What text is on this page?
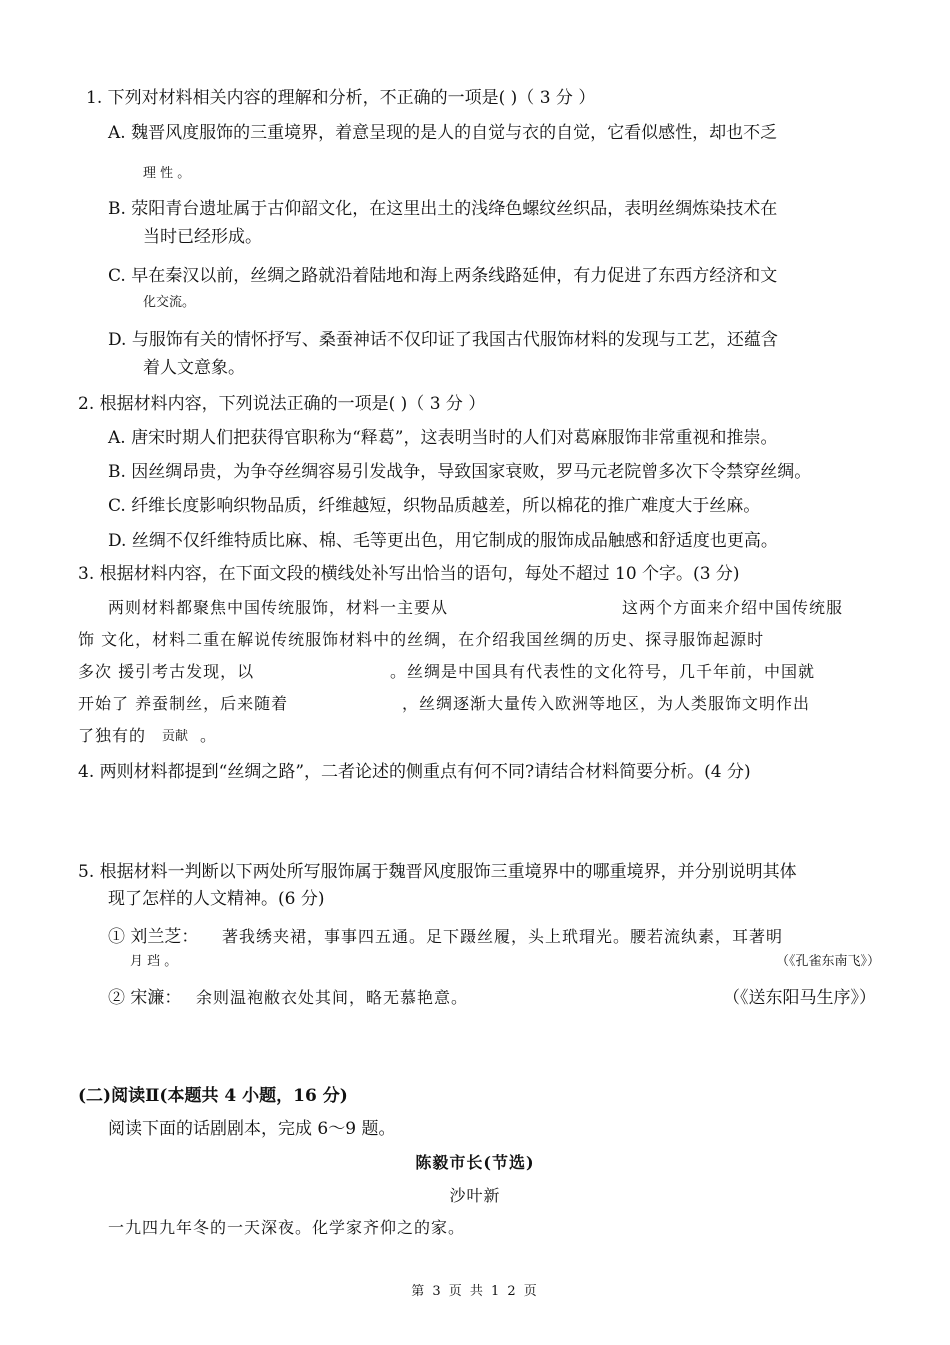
1. 下列对材料相关内容的理解和分析，不正确的一项是( )（ 3 分 ）
A. 魏晋风度服饰的三重境界，着意呈现的是人的自觉与衣的自觉，它看似感性，却也不乏
理 性 。
B. 荥阳青台遗址属于古仰韶文化，在这里出土的浅绛色螺纹丝织品，表明丝绸炼染技术在
当时已经形成。
C. 早在秦汉以前，丝绸之路就沿着陆地和海上两条线路延伸，有力促进了东西方经济和文
化交流。
D. 与服饰有关的情怀抒写、桑蚕神话不仅印证了我国古代服饰材料的发现与工艺，还蕴含
着人文意象。
2. 根据材料内容，下列说法正确的一项是( )（ 3 分 ）
A. 唐宋时期人们把获得官职称为“释葛”，这表明当时的人们对葛麻服饰非常重视和推崇。
B. 因丝绸昂贵，为争夺丝绸容易引发战争，导致国家衰败，罗马元老院曾多次下令禁穿丝绸。
C. 纤维长度影响织物品质，纤维越短，织物品质越差，所以棉花的推广难度大于丝麻。
D. 丝绸不仅纤维特质比麻、棉、毛等更出色，用它制成的服饰成品触感和舒适度也更高。
3. 根据材料内容，在下面文段的横线处补写出恰当的语句，每处不超过 10 个字。(3 分)
两则材料都聚焦中国传统服饰，材料一主要从	这两个方面来介绍中国传统服
饰 文化，材料二重在解说传统服饰材料中的丝绸，在介绍我国丝绸的历史、探寻服饰起源时
多次 援引考古发现，以	。丝绸是中国具有代表性的文化符号，几千年前，中国就
开始了 养蚕制丝，后来随着	，丝绸逐渐大量传入欧洲等地区，为人类服饰文明作出
了独有的 贡献 。
4. 两则材料都提到“丝绸之路”，二者论述的侧重点有何不同?请结合材料简要分析。(4 分)
5. 根据材料一判断以下两处所写服饰属于魏晋风度服饰三重境界中的哪重境界，并分别说明其体
现了怎样的人文精神。(6 分)
① 刘兰芝： 著我绣夹裙，事事四五通。足下蹑丝履，头上玳瑁光。腰若流纨素，耳著明
月 珰 。	（《孔雀东南飞》）
② 宋濂： 余则温袍敝衣处其间，略无慕艳意。	（《送东阳马生序》）
(二)阅读Ⅱ(本题共 4 小题，16 分)
阅读下面的话剧剧本，完成 6～9 题。
陈毅市长(节选)
沙叶新
一九四九年冬的一天深夜。化学家齐仰之的家。
第 3 页 共 1 2 页
